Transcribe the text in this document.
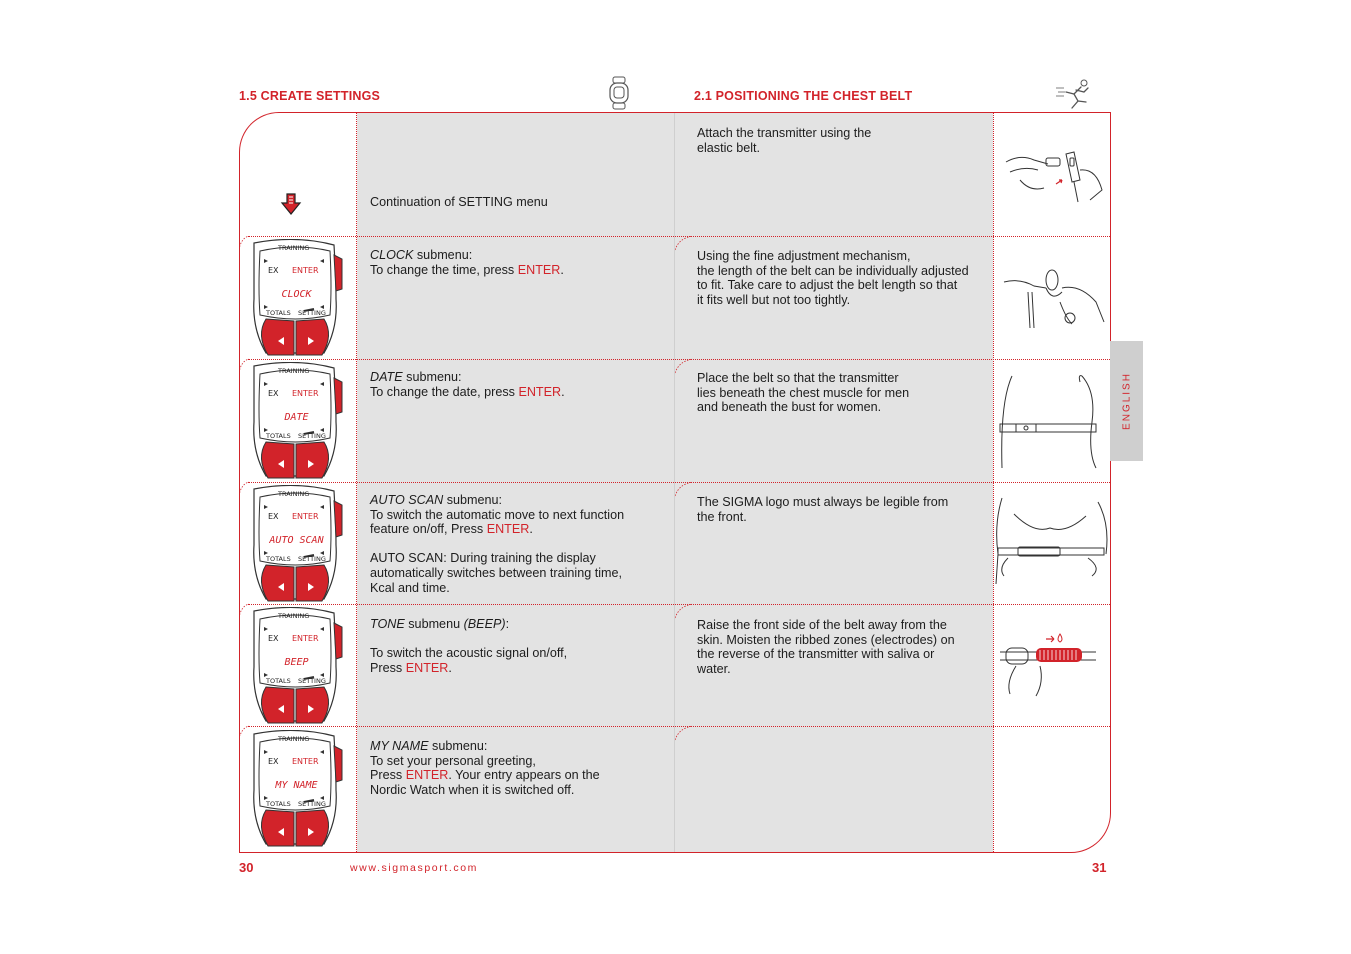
1.5 CREATE SETTINGS	2.1 POSITIONING THE CHEST BELT
Continuation of SETTING menu
TRAINING
EX ENTER
CLOCK
TOTALS SETTING
TRAINING
EX ENTER
DATE
TOTALS SETTING
TRAINING
EX ENTER
AUTO SCAN
TOTALS SETTING
TRAINING
EX ENTER
BEEP
TOTALS SETTING
TRAINING
EX ENTER
MY NAME
TOTALS SETTING

CLOCK submenu:

To change the time, press ENTER.

DATE submenu:

To change the date, press ENTER.

AUTO SCAN submenu:

To switch the automatic move to next function

feature on/off, Press ENTER.

AUTO SCAN: During training the display

automatically switches between training time,

Kcal and time.

TONE submenu (BEEP):

To switch the acoustic signal on/off,

Press ENTER.

MY NAME submenu:

To set your personal greeting,

Press ENTER. Your entry appears on the

Nordic Watch when it is switched off.

Attach the transmitter using the

elastic belt.

Using the fine adjustment mechanism,

the length of the belt can be individually adjusted

to fit. Take care to adjust the belt length so that

it fits well but not too tightly.

Place the belt so that the transmitter

lies beneath the chest muscle for men

and beneath the bust for women.

The SIGMA logo must always be legible from

the front.

Raise the front side of the belt away from the

skin. Moisten the ribbed zones (electrodes) on

the reverse of the transmitter with saliva or

water.

ENGLISH
30	31
www.sigmasport.com
